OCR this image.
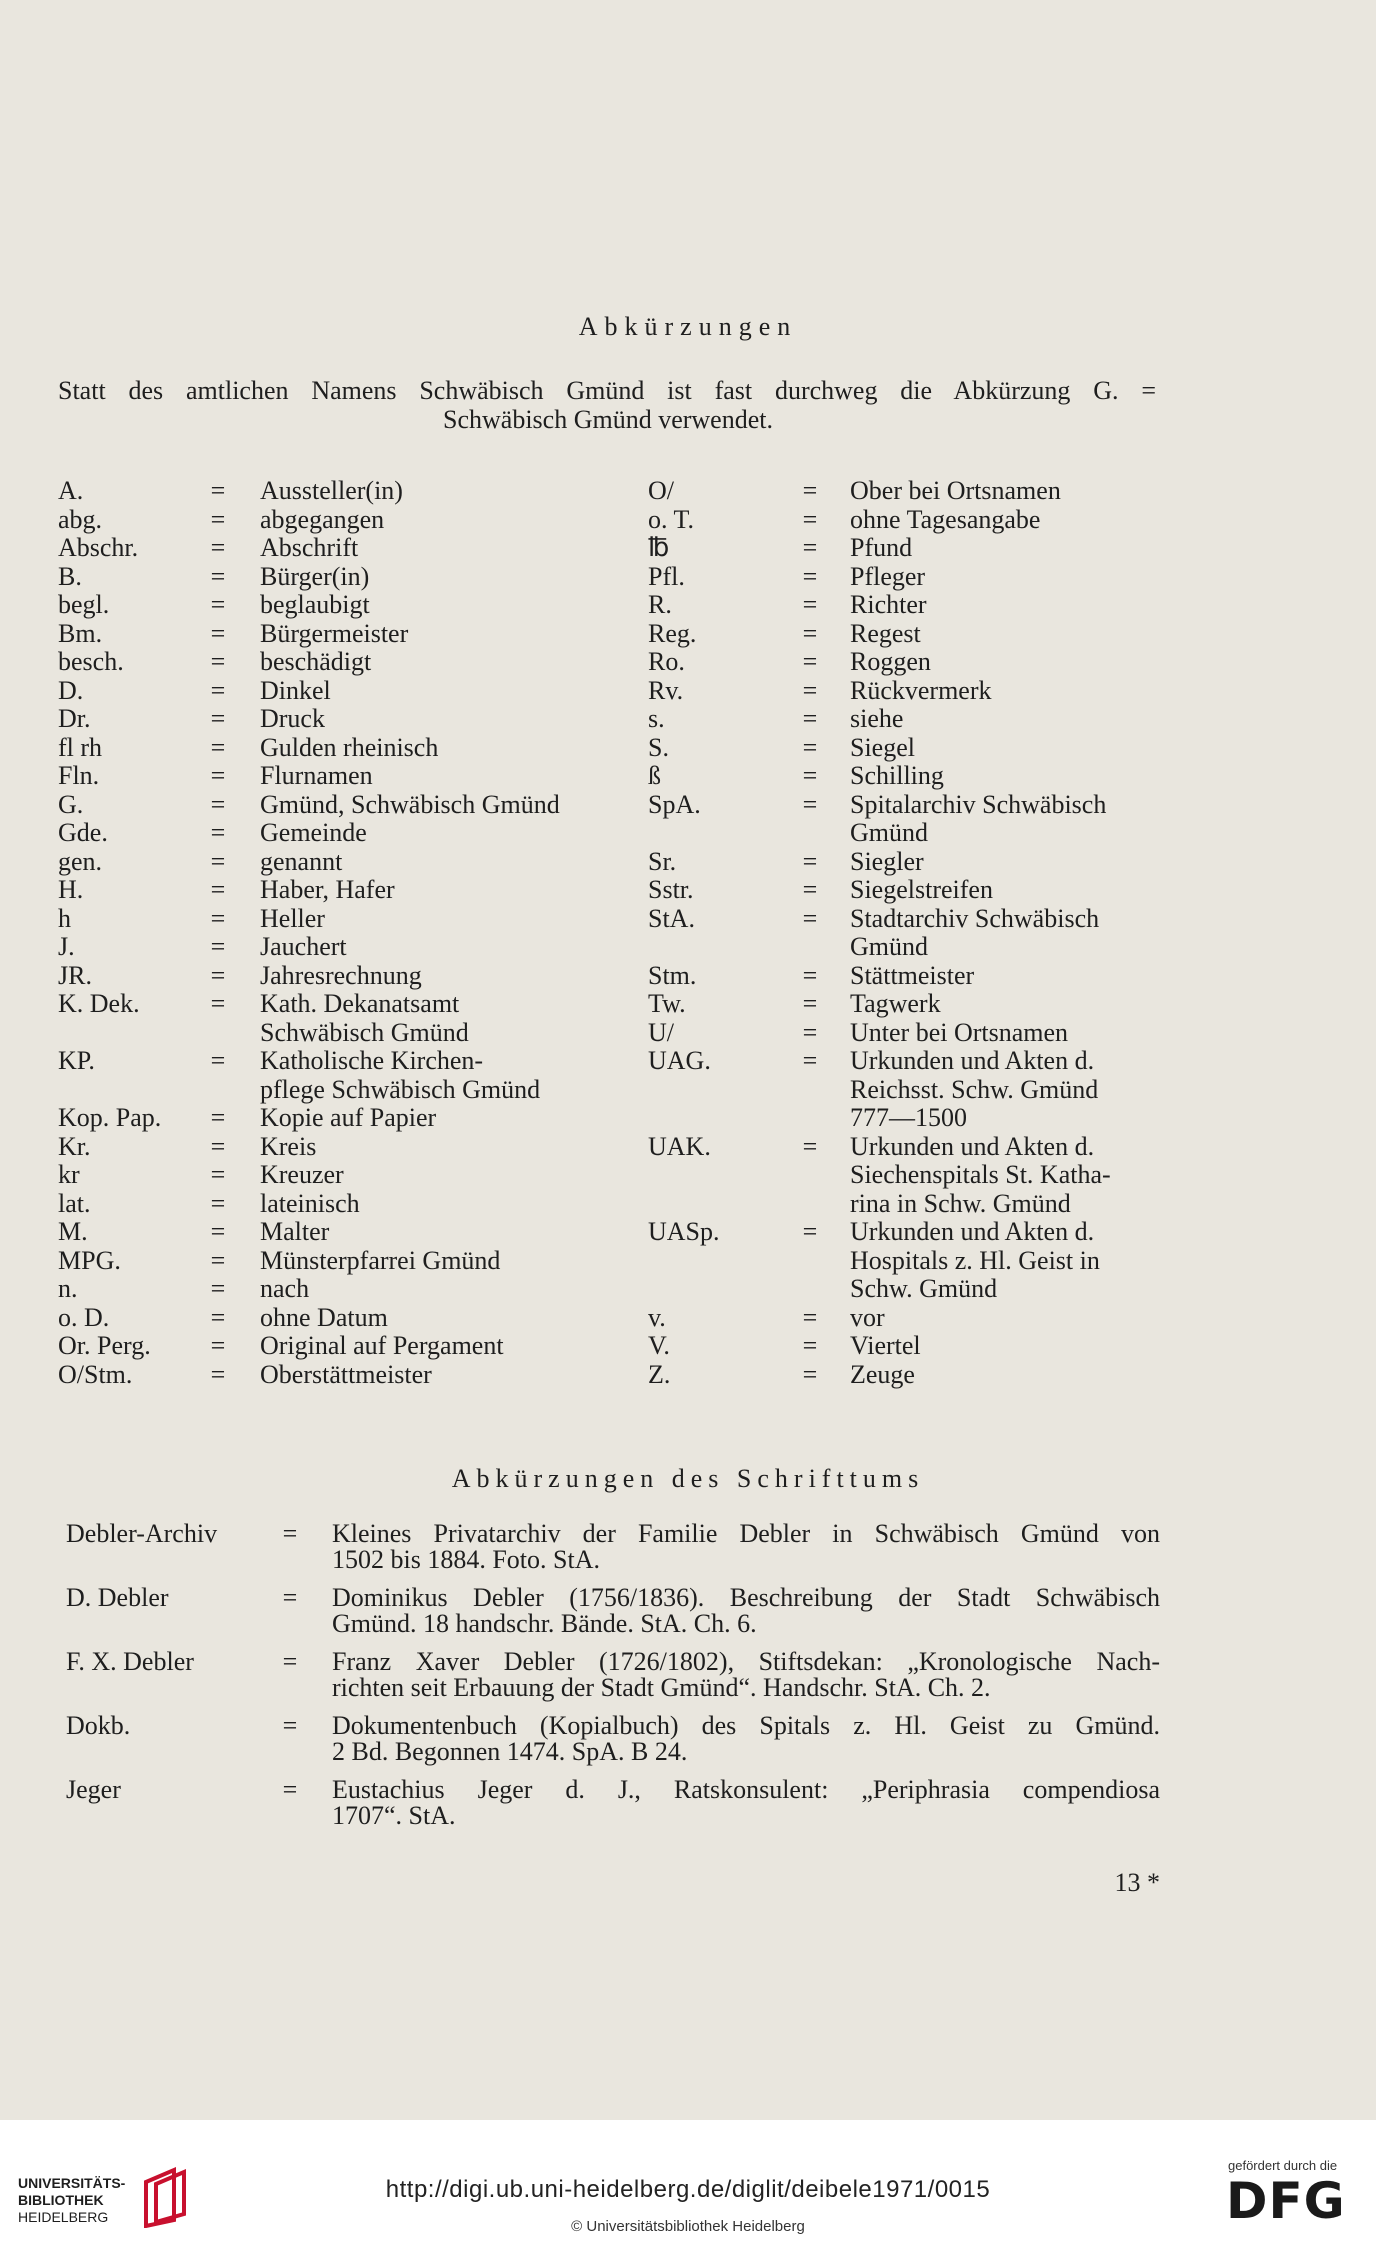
Abkürzungen
Statt des amtlichen Namens Schwäbisch Gmünd ist fast durchweg die Abkürzung G. =
Schwäbisch Gmünd verwendet.
A.	= Aussteller(in)
abg.	= abgegangen
Abschr.	= Abschrift
B.	= Bürger(in)
begl.	= beglaubigt
Bm.	= Bürgermeister
besch.	= beschädigt
D.	= Dinkel
Dr.	= Druck
fl rh	= Gulden rheinisch
Fln.	= Flurnamen
G.	= Gmünd, Schwäbisch Gmünd
Gde.	= Gemeinde
gen.	= genannt
H.	= Haber, Hafer
h	= Heller
J.	= Jauchert
JR.	= Jahresrechnung
K. Dek.	= Kath. Dekanatsamt
Schwäbisch Gmünd
KP.	= Katholische Kirchen-
pflege Schwäbisch Gmünd
Kop. Pap. = Kopie auf Papier
Kr.	= Kreis
kr	= Kreuzer
lat.	= lateinisch
M.	= Malter
MPG.	= Münsterpfarrei Gmünd
n.	= nach
o. D.	= ohne Datum
Or. Perg. = Original auf Pergament
O/Stm.	= Oberstättmeister
O/	= Ober bei Ortsnamen
o. T.	= ohne Tagesangabe
℔	= Pfund
Pfl.	= Pfleger
R.	= Richter
Reg.	= Regest
Ro.	= Roggen
Rv.	= Rückvermerk
s.	= siehe
S.	= Siegel
ß	= Schilling
SpA.	= Spitalarchiv Schwäbisch
Gmünd
Sr.	= Siegler
Sstr.	= Siegelstreifen
StA.	= Stadtarchiv Schwäbisch
Gmünd
Stm.	= Stättmeister
Tw.	= Tagwerk
U/	= Unter bei Ortsnamen
UAG.	= Urkunden und Akten d.
Reichsst. Schw. Gmünd
777—1500
UAK.	= Urkunden und Akten d.
Siechenspitals St. Katha-
rina in Schw. Gmünd
UASp.	= Urkunden und Akten d.
Hospitals z. Hl. Geist in
Schw. Gmünd
v.	= vor
V.	= Viertel
Z.	= Zeuge
Abkürzungen des Schrifttums
Debler-Archiv	= Kleines Privatarchiv der Familie Debler in Schwäbisch Gmünd von
1502 bis 1884. Foto. StA.
D. Debler	= Dominikus Debler (1756/1836). Beschreibung der Stadt Schwäbisch
Gmünd. 18 handschr. Bände. StA. Ch. 6.
F. X. Debler	= Franz Xaver Debler (1726/1802), Stiftsdekan: „Kronologische Nach-
richten seit Erbauung der Stadt Gmünd“. Handschr. StA. Ch. 2.
Dokb.	= Dokumentenbuch (Kopialbuch) des Spitals z. Hl. Geist zu Gmünd.
2 Bd. Begonnen 1474. SpA. B 24.
Jeger	= Eustachius Jeger d. J., Ratskonsulent: „Periphrasia compendiosa
1707“. StA.
13 *
UNIVERSITÄTS-
BIBLIOTHEK
HEIDELBERG
http://digi.ub.uni-heidelberg.de/diglit/deibele1971/0015
© Universitätsbibliothek Heidelberg
gefördert durch die
DFG
